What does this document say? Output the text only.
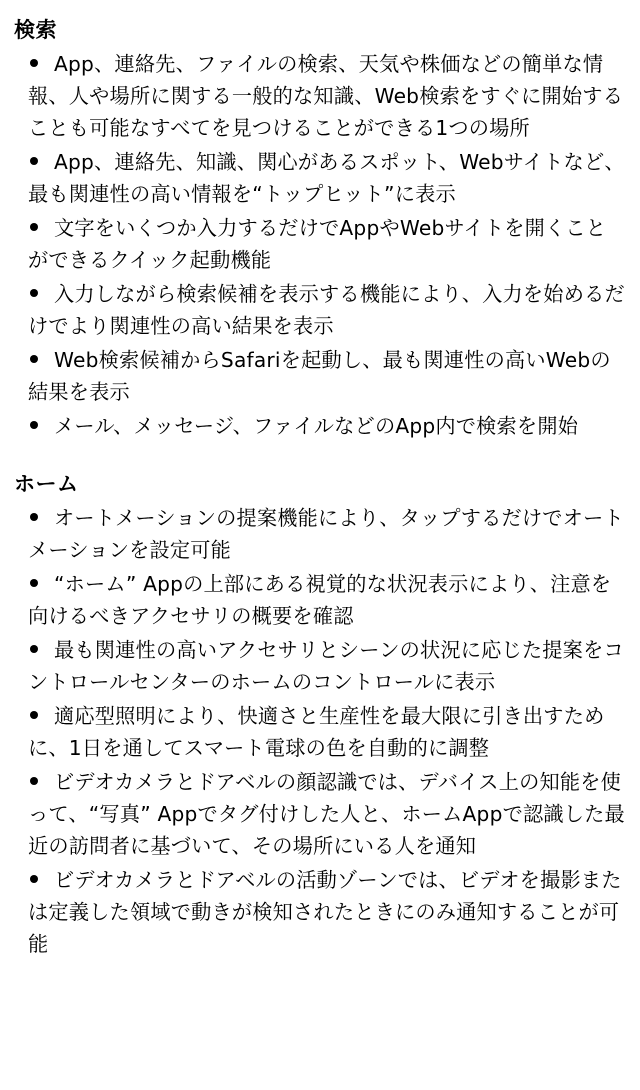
検索
App、連絡先、ファイルの検索、天気や株価などの簡単な情報、人や場所に関する一般的な知識、Web検索をすぐに開始することも可能なすべてを見つけることができる1つの場所
App、連絡先、知識、関心があるスポット、Webサイトなど、最も関連性の高い情報を“トップヒット”に表示
文字をいくつか入力するだけでAppやWebサイトを開くことができるクイック起動機能
入力しながら検索候補を表示する機能により、入力を始めるだけでより関連性の高い結果を表示
Web検索候補からSafariを起動し、最も関連性の高いWebの結果を表示
メール、メッセージ、ファイルなどのApp内で検索を開始
ホーム
オートメーションの提案機能により、タップするだけでオートメーションを設定可能
“ホーム” Appの上部にある視覚的な状況表示により、注意を向けるべきアクセサリの概要を確認
最も関連性の高いアクセサリとシーンの状況に応じた提案をコントロールセンターのホームのコントロールに表示
適応型照明により、快適さと生産性を最大限に引き出すために、1日を通してスマート電球の色を自動的に調整
ビデオカメラとドアベルの顔認識では、デバイス上の知能を使って、“写真” Appでタグ付けした人と、ホームAppで認識した最近の訪問者に基づいて、その場所にいる人を通知
ビデオカメラとドアベルの活動ゾーンでは、ビデオを撮影または定義した領域で動きが検知されたときにのみ通知することが可能
